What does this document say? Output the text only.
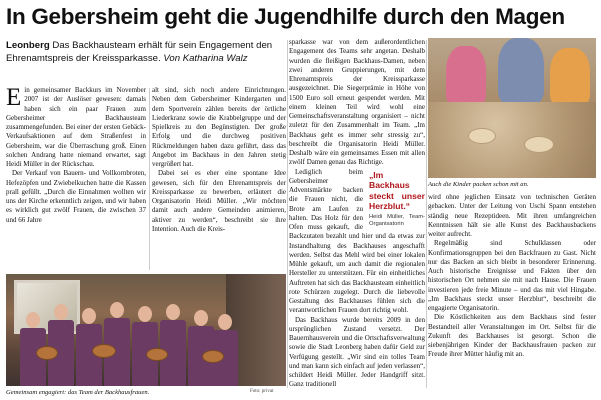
In Gebersheim geht die Jugendhilfe durch den Magen
Leonberg Das Backhausteam erhält für sein Engagement den Ehrenamtspreis der Kreissparkasse. Von Katharina Walz

Ein gemeinsamer Backkurs im November 2007 ist der Auslöser gewesen: damals haben sich ein paar Frauen zum Gebersheimer Backhausteam zusammengefunden. Bei einer der ersten Gebäck-Verkaufsaktionen auf dem Straßenfest in Gebersheim, war die Überraschung groß. Einen solchen Andrang hatte niemand erwartet, sagt Heidi Müller in der Rückschau.

Der Verkauf von Bauern- und Vollkornbroten, Hefezöpfen und Zwiebelkuchen hatte die Kassen prall gefüllt. „Durch die Einnahmen wollten wir uns der Kirche erkenntlich zeigen, und wir haben es wirklich gut zwölf Frauen, die zwischen 37 und 66 Jahre

alt sind, sich noch andere Einrichtungen. Neben dem Gebersheimer Kindergarten und dem Sportverein zählen bereits der örtliche Liederkranz sowie die Krabbelgruppe und der Spielkreis zu den Begünstigten. Der große Erfolg und die durchweg positiven Rückmeldungen haben dazu geführt, dass das Angebot im Backhaus in den Jahren stetig vergrößert hat.

Dabei sei es eher eine spontane Idee gewesen, sich für den Ehrenamtspreis der Kreissparkasse zu bewerben, erläutert die Organisatorin Heidi Müller. „Wir möchten damit auch andere Gemeinden animieren, aktiver zu werden“, beschreibt sie ihre Intention. Auch die Kreis-

sparkasse war von dem außerordentlichen Engagement des Teams sehr angetan. Deshalb wurden die fleißigen Backhaus-Damen, neben zwei anderen Gruppierungen, mit dem Ehrenamtspreis der Kreissparkasse ausgezeichnet. Die Siegerprämie in Höhe von 1500 Euro soll erneut gespendet werden. Mit einem kleinen Teil wird wohl eine Gemeinschaftsveranstaltung organisiert – nicht zuletzt für den Zusammenhalt im Team. „Im Backhaus geht es immer sehr stressig zu“, beschreibt die Organisatorin Heidi Müller. Deshalb wäre ein gemeinsames Essen mit allen zwölf Damen genau das Richtige.

„Im Backhaus steckt unser Herzblut.“
Heidi Müller, Team-Organisatorin

Lediglich beim Gebersheimer Adventsmärkte backen die Frauen nicht, die Brote am Laufen zu halten. Das Holz für den Ofen muss gekauft, die Backzutaten bezahlt und hier und da etwas zur Instandhaltung des Backhauses angeschafft werden. Selbst das Mehl wird bei einer lokalen Mühle gekauft, um auch damit die regionalen Hersteller zu unterstützen. Für ein einheitliches Auftreten hat sich das Backhausteam einheitlich rote Schürzen zugelegt. Durch die liebevolle Gestaltung des Backhauses fühlen sich die verantwortlichen Frauen dort richtig wohl.

Das Backhaus wurde bereits 2009 in den ursprünglichen Zustand versetzt. Der Bauernhausverein und die Ortschaftsverwaltung sowie die Stadt Leonberg haben dafür Geld zur Verfügung gestellt. „Wir sind ein tolles Team und man kann sich einfach auf jeden verlassen“, schildert Heidi Müller. Jeder Handgriff sitzt. Ganz traditionell

wird ohne jeglichen Einsatz von technischen Geräten gebacken. Unter der Leitung von Uschi Spann entstehen ständig neue Rezeptideen. Mit ihren umfangreichen Kenntnissen hält sie alle Kunst des Backhausbackens weiter aufrecht.

Regelmäßig sind Schulklassen oder Konfirmationsgruppen bei den Backfrauen zu Gast. Nicht nur das Backen an sich bleibt in besonderer Erinnerung. Auch historische Ereignisse und Fakten über den historischen Ort nehmen sie mit nach Hause. Die Frauen investieren jede freie Minute – und das mit viel Hingabe. „Im Backhaus steckt unser Herzblut“, beschreibt die engagierte Organisatorin.

Die Köstlichkeiten aus dem Backhaus sind fester Bestandteil aller Veranstaltungen im Ort. Selbst für die Zukunft des Backhauses ist gesorgt. Schon die siebenjährigen Kinder der Backhausfrauen packen zur Freude ihrer Mütter häufig mit an.

Gemeinsam engagiert: das Team der Backhausfrauen.	Foto: privat
Auch die Kinder packen schon mit an.
